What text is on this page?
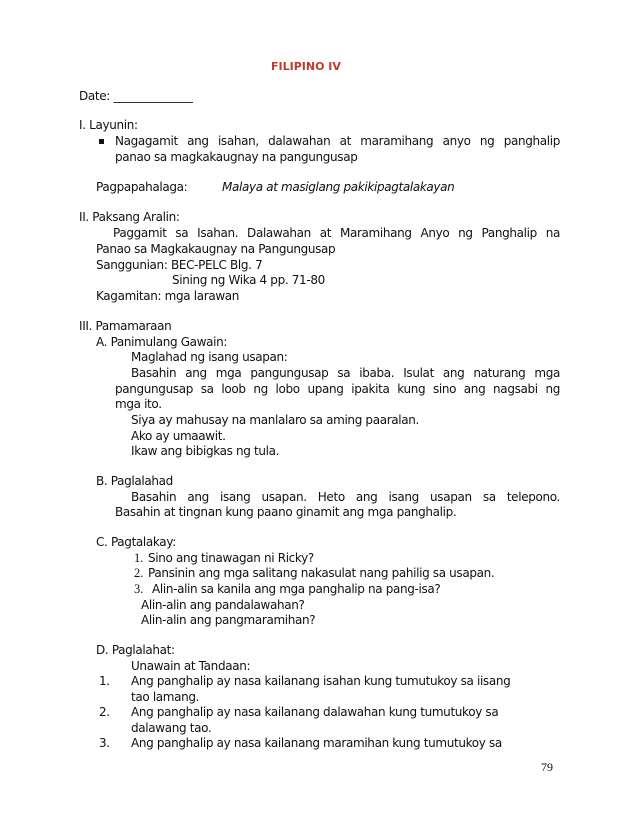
FILIPINO IV
Date: ______________
I. Layunin:
Nagagamit ang isahan, dalawahan at maramihang anyo ng panghalip
panao sa magkakaugnay na pangungusap
Pagpapahalaga:	Malaya at masiglang pakikipagtalakayan
II. Paksang Aralin:
Paggamit sa Isahan. Dalawahan at Maramihang Anyo ng Panghalip na
Panao sa Magkakaugnay na Pangungusap
Sanggunian: BEC-PELC Blg. 7
Sining ng Wika 4 pp. 71-80
Kagamitan: mga larawan
III. Pamamaraan
A. Panimulang Gawain:
Maglahad ng isang usapan:
Basahin ang mga pangungusap sa ibaba. Isulat ang naturang mga
pangungusap sa loob ng lobo upang ipakita kung sino ang nagsabi ng
mga ito.
Siya ay mahusay na manlalaro sa aming paaralan.
Ako ay umaawit.
Ikaw ang bibigkas ng tula.
B. Paglalahad
Basahin ang isang usapan. Heto ang isang usapan sa telepono.
Basahin at tingnan kung paano ginamit ang mga panghalip.
C. Pagtalakay:
1. Sino ang tinawagan ni Ricky?
2. Pansinin ang mga salitang nakasulat nang pahilig sa usapan.
3. Alin-alin sa kanila ang mga panghalip na pang-isa?
Alin-alin ang pandalawahan?
Alin-alin ang pangmaramihan?
D. Paglalahat:
Unawain at Tandaan:
1. Ang panghalip ay nasa kailanang isahan kung tumutukoy sa iisang
tao lamang.
2. Ang panghalip ay nasa kailanang dalawahan kung tumutukoy sa
dalawang tao.
3. Ang panghalip ay nasa kailanang maramihan kung tumutukoy sa
79
